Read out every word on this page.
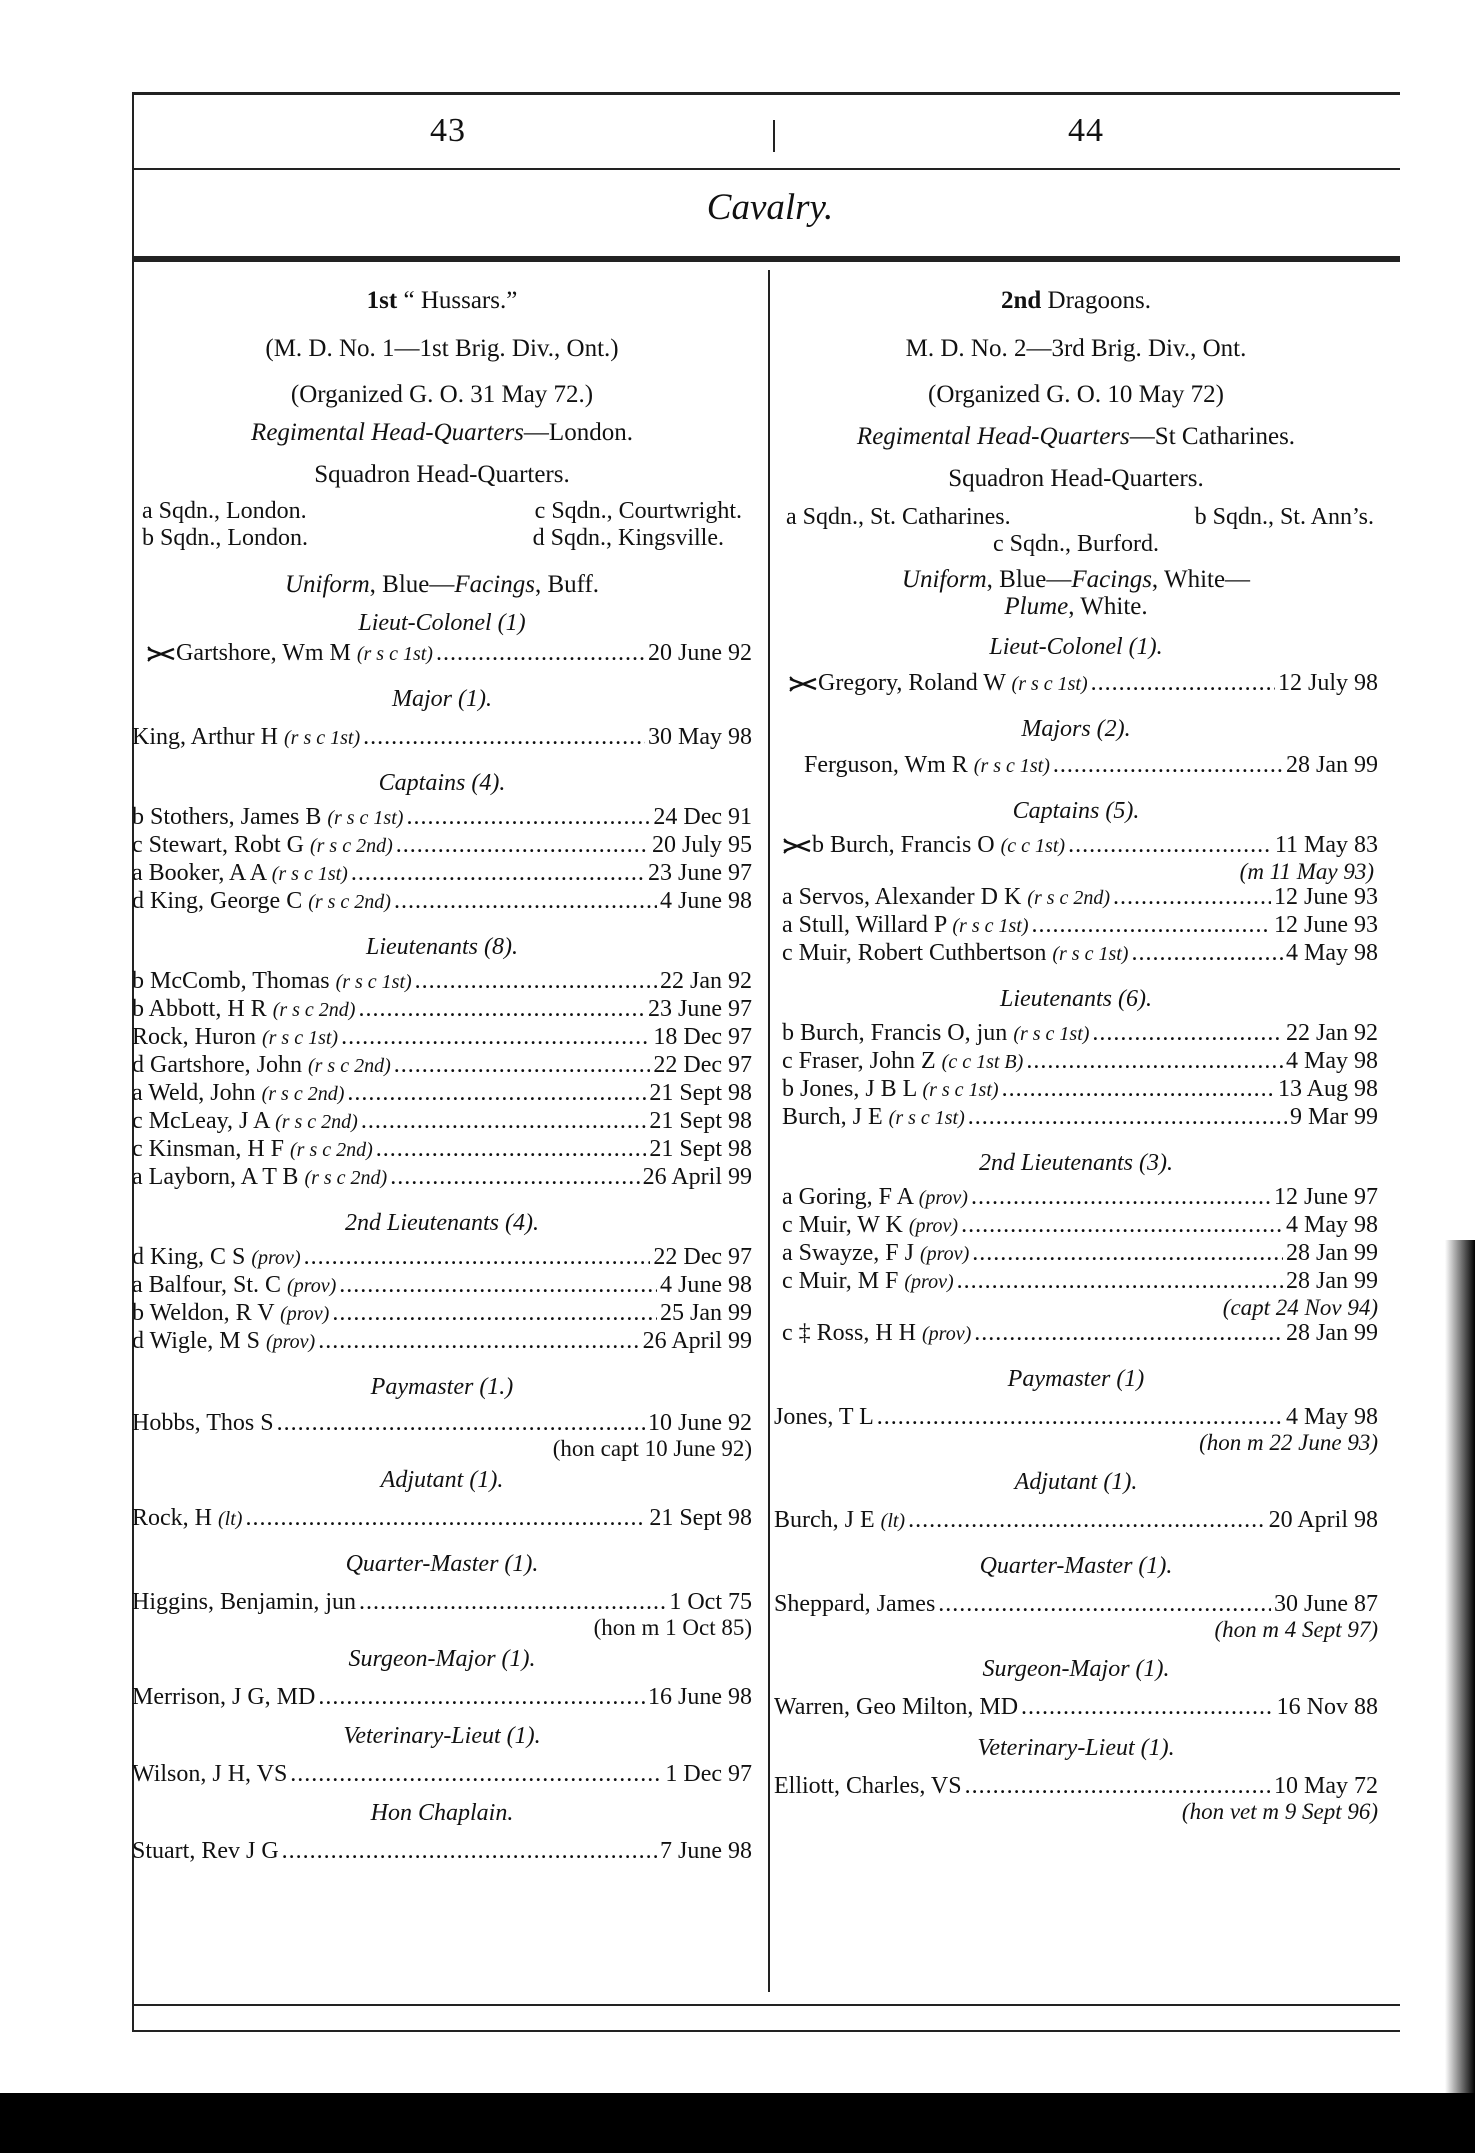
43	44
Cavalry.
1st “ Hussars.”
(M. D. No. 1—1st Brig. Div., Ont.)
(Organized G. O. 31 May 72.)
Regimental Head-Quarters—London.
Squadron Head-Quarters.
a Sqdn., London.	c Sqdn., Courtwright.
b Sqdn., London.	d Sqdn., Kingsville.
Uniform, Blue—Facings, Buff.
Lieut-Colonel (1)
Gartshore, Wm M (r s c 1st) .....	20 June 92
Major (1).
King, Arthur H (r s c 1st) .....	30 May 98
Captains (4).
b Stothers, James B (r s c 1st) .....	24 Dec 91
c Stewart, Robt G (r s c 2nd) .....	20 July 95
a Booker, A A (r s c 1st) .....	23 June 97
d King, George C (r s c 2nd) .....	4 June 98
Lieutenants (8).
b McComb, Thomas (r s c 1st) .....	22 Jan 92
b Abbott, H R (r s c 2nd) .....	23 June 97
Rock, Huron (r s c 1st) .....	18 Dec 97
d Gartshore, John (r s c 2nd) .....	22 Dec 97
a Weld, John (r s c 2nd) .....	21 Sept 98
c McLeay, J A (r s c 2nd) .....	21 Sept 98
c Kinsman, H F (r s c 2nd) .....	21 Sept 98
a Layborn, A T B (r s c 2nd) .....	26 April 99
2nd Lieutenants (4).
d King, C S (prov) .....	22 Dec 97
a Balfour, St. C (prov) .....	4 June 98
b Weldon, R V (prov) .....	25 Jan 99
d Wigle, M S (prov) .....	26 April 99
Paymaster (1.)
Hobbs, Thos S .....	10 June 92
(hon capt 10 June 92)
Adjutant (1).
Rock, H (lt) .....	21 Sept 98
Quarter-Master (1).
Higgins, Benjamin, jun .....	1 Oct 75
(hon m 1 Oct 85)
Surgeon-Major (1).
Merrison, J G, MD .....	16 June 98
Veterinary-Lieut (1).
Wilson, J H, VS .....	1 Dec 97
Hon Chaplain.
Stuart, Rev J G .....	7 June 98
2nd Dragoons.
M. D. No. 2—3rd Brig. Div., Ont.
(Organized G. O. 10 May 72)
Regimental Head-Quarters—St Catharines.
Squadron Head-Quarters.
a Sqdn., St. Catharines.	b Sqdn., St. Ann’s.
c Sqdn., Burford.
Uniform, Blue—Facings, White—
Plume, White.
Lieut-Colonel (1).
Gregory, Roland W (r s c 1st) .....	12 July 98
Majors (2).
Ferguson, Wm R (r s c 1st) .....	28 Jan 99
Captains (5).
b Burch, Francis O (c c 1st) .....	11 May 83
(m 11 May 93)
a Servos, Alexander D K (r s c 2nd) .....	12 June 93
a Stull, Willard P (r s c 1st) .....	12 June 93
c Muir, Robert Cuthbertson (r s c 1st) .....	4 May 98
Lieutenants (6).
b Burch, Francis O, jun (r s c 1st) .....	22 Jan 92
c Fraser, John Z (c c 1st B) .....	4 May 98
b Jones, J B L (r s c 1st) .....	13 Aug 98
Burch, J E (r s c 1st) .....	9 Mar 99
2nd Lieutenants (3).
a Goring, F A (prov) .....	12 June 97
c Muir, W K (prov) .....	4 May 98
a Swayze, F J (prov) .....	28 Jan 99
c Muir, M F (prov) .....	28 Jan 99
(capt 24 Nov 94)
c ‡ Ross, H H (prov) .....	28 Jan 99
Paymaster (1)
Jones, T L .....	4 May 98
(hon m 22 June 93)
Adjutant (1).
Burch, J E (lt) .....	20 April 98
Quarter-Master (1).
Sheppard, James .....	30 June 87
(hon m 4 Sept 97)
Surgeon-Major (1).
Warren, Geo Milton, MD .....	16 Nov 88
Veterinary-Lieut (1).
Elliott, Charles, VS .....	10 May 72
(hon vet m 9 Sept 96)
